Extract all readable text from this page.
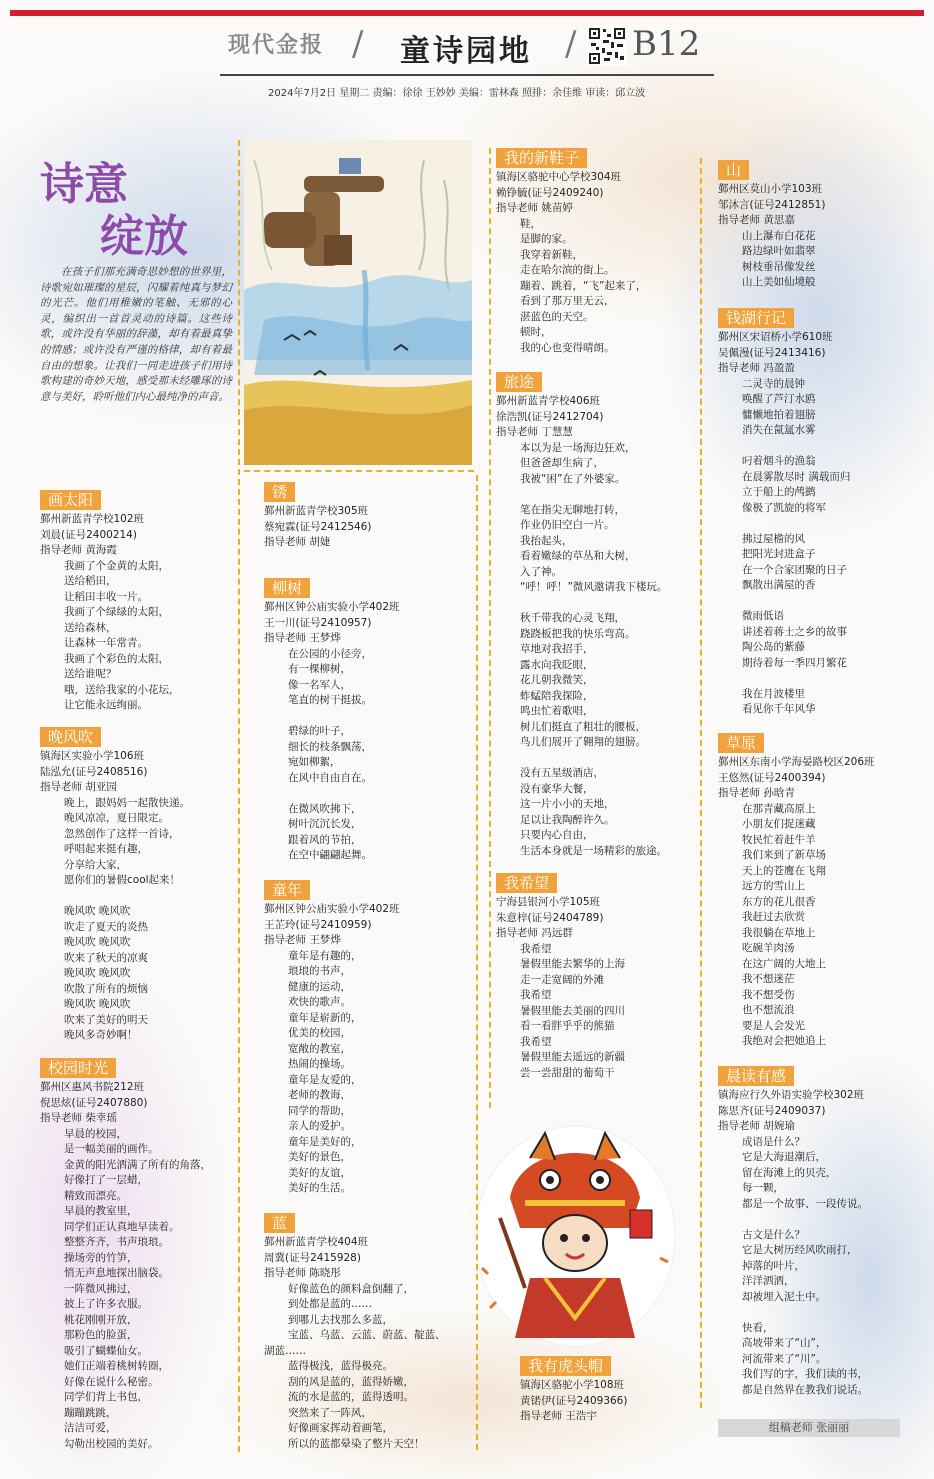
现代金报 / 童诗园地 / B12
2024年7月2日 星期二 责编：徐徐 王妙妙 美编：雷林森 照排：余佳维 审读：邱立波
诗意
绽放
在孩子们那充满奇思妙想的世界里，诗歌宛如璀璨的星辰，闪耀着纯真与梦幻的光芒。他们用稚嫩的笔触、无邪的心灵，编织出一首首灵动的诗篇。这些诗歌，或许没有华丽的辞藻，却有着最真挚的情感；或许没有严谨的格律，却有着最自由的想象。让我们一同走进孩子们用诗歌构建的奇妙天地，感受那未经雕琢的诗意与美好，聆听他们内心最纯净的声音。
画太阳
鄞州新蓝青学校102班
刘晨(证号2400214)
指导老师 黄海霞
我画了个金黄的太阳，
送给稻田，
让稻田丰收一片。
我画了个绿绿的太阳，
送给森林，
让森林一年常青。
我画了个彩色的太阳，
送给谁呢？
哦，送给我家的小花坛，
让它能永远绚丽。
晚风吹
镇海区实验小学106班
陆泓允(证号2408516)
指导老师 胡亚园
晚上，跟妈妈一起散快递。
晚风凉凉，夏日限定。
忽然创作了这样一首诗，
呼唱起来挺有趣，
分享给大家，
愿你们的暑假cool起来！
晚风吹 晚风吹
吹走了夏天的炎热
晚风吹 晚风吹
吹来了秋天的凉爽
晚风吹 晚风吹
吹散了所有的烦恼
晚风吹 晚风吹
吹来了美好的明天
晚风多奇妙啊！
校园时光
鄞州区惠风书院212班
倪思炫(证号2407880)
指导老师 柴幸瑶
早晨的校园，
是一幅美丽的画作。
金黄的阳光洒满了所有的角落，
好像打了一层蜡，
精致而漂亮。
早晨的教室里，
同学们正认真地早读着。
整整齐齐，书声琅琅。
操场旁的竹笋，
悄无声息地探出脑袋。
一阵微风拂过，
披上了许多衣服。
桃花刚刚开放，
那粉色的脸蛋，
吸引了蝴蝶仙女。
她们正端着桃树转圈，
好像在说什么秘密。
同学们背上书包，
蹦蹦跳跳，
洁洁可爱，
勾勒出校园的美好。
锈
鄞州新蓝青学校305班
蔡宛霖(证号2412546)
指导老师 胡婕
柳树
鄞州区钟公庙实验小学402班
王一川(证号2410957)
指导老师 王梦烨
在公园的小径旁，
有一棵柳树，
像一名军人，
笔直的树干挺拔。
碧绿的叶子，
细长的枝条飘荡，
宛如柳絮，
在风中自由自在。
在微风吹拂下，
树叶沉沉长发，
跟着风的节拍，
在空中翩翩起舞。
童年
鄞州区钟公庙实验小学402班
王芷玲(证号2410959)
指导老师 王梦烨
童年是有趣的，
琅琅的书声，
健康的运动，
欢快的歌声。
童年是崭新的，
优美的校园，
宽敞的教室，
热闹的操场。
童年是友爱的，
老师的教诲，
同学的帮助，
亲人的爱护。
童年是美好的，
美好的景色，
美好的友谊，
美好的生活。
蓝
鄞州新蓝青学校404班
周冀(证号2415928)
指导老师 陈晓彤
好像蓝色的颜料盒倒翻了，
到处都是蓝的……
到哪儿去找那么多蓝，
宝蓝、乌蓝、云蓝、蔚蓝、靛蓝、
湖蓝……
蓝得极浅，蓝得极亮。
刮的风是蓝的，蓝得娇嫩，
流的水是蓝的，蓝得透明。
突然来了一阵风，
好像画家挥动着画笔，
所以的蓝都晕染了整片天空！
我的新鞋子
镇海区骆驼中心学校304班
赖铮毓(证号2409240)
指导老师 姚苗婷
鞋，
是脚的家。
我穿着新鞋，
走在哈尔滨的街上。
蹦着、跳着，“飞”起来了，
看到了那万里无云，
湛蓝色的天空。
顿时，
我的心也变得晴朗。
旅途
鄞州新蓝青学校406班
徐浩凯(证号2412704)
指导老师 丁慧慧
本以为是一场海边狂欢，
但爸爸却生病了，
我被“困”在了外婆家。
笔在指尖无聊地打转，
作业仍旧空白一片。
我抬起头，
看着嫩绿的草丛和大树，
入了神。
“呼！呼！”微风邀请我下楼玩。
秋千带我的心灵飞翔，
跷跷板把我的快乐弯高。
草地对我招手，
露水向我眨眼，
花儿朝我微笑，
蚱蜢陪我探险，
鸣虫忙着歌唱，
树儿们挺直了粗壮的腰板，
鸟儿们展开了翱翔的翅膀。
没有五星级酒店，
没有豪华大餐，
这一片小小的天地，
足以让我陶醉许久。
只要内心自由，
生活本身就是一场精彩的旅途。
我希望
宁海县银河小学105班
朱意梓(证号2404789)
指导老师 冯远群
我希望
暑假里能去繁华的上海
走一走宽阔的外滩
我希望
暑假里能去美丽的四川
看一看胖乎乎的熊猫
我希望
暑假里能去遥远的新疆
尝一尝甜甜的葡萄干
我有虎头帽
镇海区骆驼小学108班
黄锘伊(证号2409366)
指导老师 王浩宇
山
鄞州区莫山小学103班
邹沐言(证号2412851)
指导老师 黄思嘉
山上瀑布白花花
路边绿叶如翡翠
树枝垂吊像发丝
山上美如仙境般
钱湖行记
鄞州区宋诏桥小学610班
吴佩漫(证号2413416)
指导老师 冯盈盈
二灵寺的晨钟
唤醒了芦汀水鸥
慵懒地拍着翅膀
消失在氤氲水雾
叼着烟斗的渔翁
在晨雾散尽时 满载而归
立于船上的鸬鹚
像极了凯旋的将军
拂过屋檐的风
把阳光封进盒子
在一个合家团聚的日子
飘散出满屋的香
微雨低语
讲述着蒋士之乡的故事
陶公岛的紫藤
期待着每一季四月繁花
我在月波楼里
看见你千年风华
草原
鄞州区东南小学海晏路校区206班
王悠然(证号2400394)
指导老师 孙晗青
在那青藏高原上
小朋友们捉迷藏
牧民忙着赶牛羊
我们来到了新草场
天上的苍鹰在飞翔
远方的雪山上
东方的花儿很香
我赶过去欣赏
我很躺在草地上
吃碗羊肉汤
在这广阔的大地上
我不想迷茫
我不想受伤
也不想流浪
要是人会发光
我绝对会把她追上
晨读有感
镇海应行久外语实验学校302班
陈思齐(证号2409037)
指导老师 胡婉瑜
成语是什么？
它是大海退潮后，
留在海滩上的贝壳，
每一颗，
都是一个故事、一段传说。
古文是什么？
它是大树历经风吹雨打，
掉落的叶片，
洋洋洒洒，
却被埋入泥土中。
快看，
高坡带来了“山”，
河流带来了“川”。
我们写的字，我们读的书，
都是自然界在教我们说话。
组稿老师 张丽丽
